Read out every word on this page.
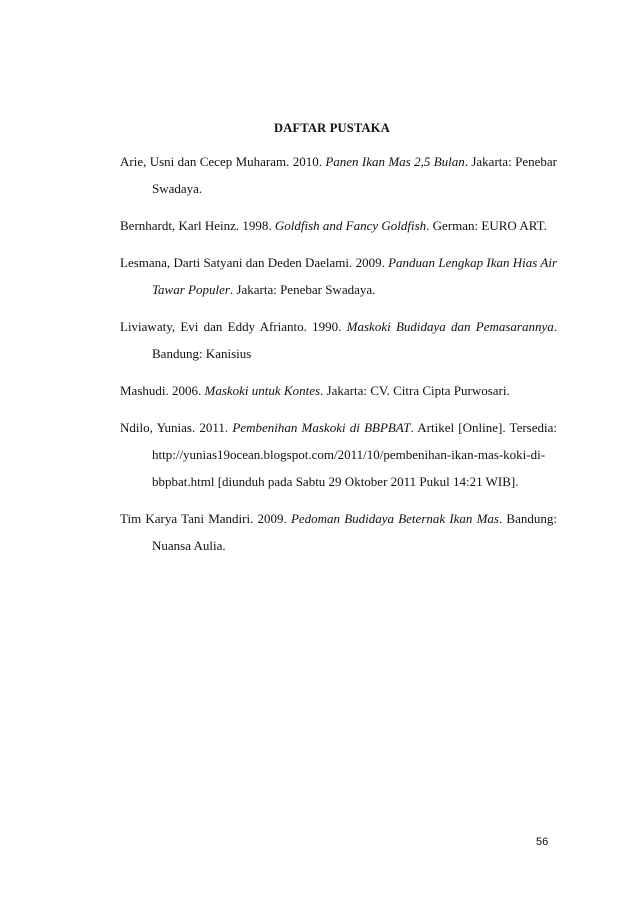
DAFTAR PUSTAKA

Arie, Usni dan Cecep Muharam. 2010. Panen Ikan Mas 2,5 Bulan. Jakarta: Penebar Swadaya.

Bernhardt, Karl Heinz. 1998. Goldfish and Fancy Goldfish. German: EURO ART.

Lesmana, Darti Satyani dan Deden Daelami. 2009. Panduan Lengkap Ikan Hias Air Tawar Populer. Jakarta: Penebar Swadaya.

Liviawaty, Evi dan Eddy Afrianto. 1990. Maskoki Budidaya dan Pemasarannya. Bandung: Kanisius

Mashudi. 2006. Maskoki untuk Kontes. Jakarta: CV. Citra Cipta Purwosari.

Ndilo, Yunias. 2011. Pembenihan Maskoki di BBPBAT. Artikel [Online]. Tersedia: http://yunias19ocean.blogspot.com/2011/10/pembenihan-ikan-mas-koki-di-bbpbat.html [diunduh pada Sabtu 29 Oktober 2011 Pukul 14:21 WIB].

Tim Karya Tani Mandiri. 2009. Pedoman Budidaya Beternak Ikan Mas. Bandung: Nuansa Aulia.

56
